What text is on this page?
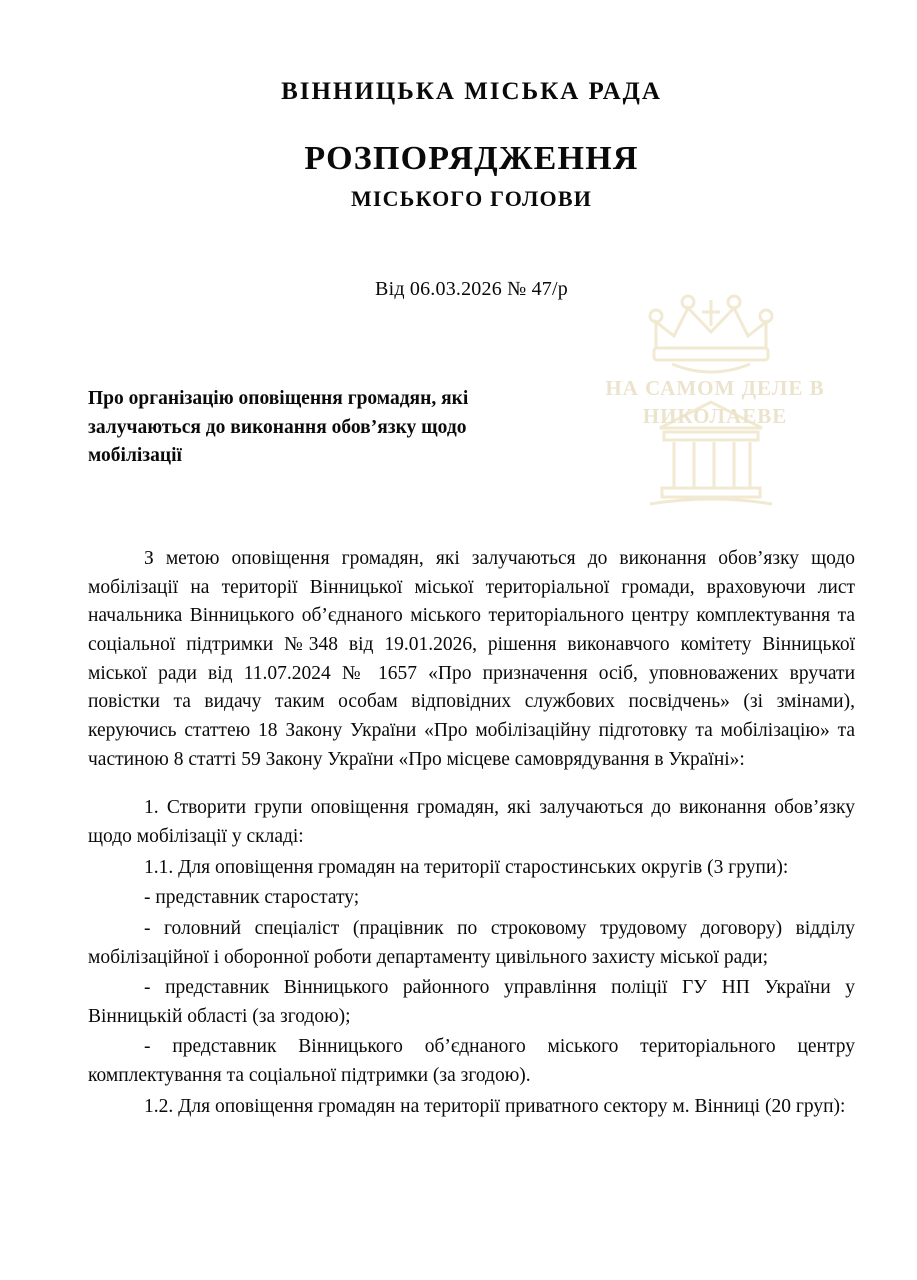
НА САМОМ ДЕЛЕ В
НИКОЛАЕВЕ
ВІННИЦЬКА МІСЬКА РАДА
РОЗПОРЯДЖЕННЯ
МІСЬКОГО ГОЛОВИ
Від 06.03.2026 № 47/р
Про організацію оповіщення громадян, які залучаються до виконання обов’язку щодо мобілізації

З метою оповіщення громадян, які залучаються до виконання обов’язку щодо мобілізації на території Вінницької міської територіальної громади, враховуючи лист начальника Вінницького об’єднаного міського територіального центру комплектування та соціальної підтримки №348 від 19.01.2026, рішення виконавчого комітету Вінницької міської ради від 11.07.2024 № 1657 «Про призначення осіб, уповноважених вручати повістки та видачу таким особам відповідних службових посвідчень» (зі змінами), керуючись статтею 18 Закону України «Про мобілізаційну підготовку та мобілізацію» та частиною 8 статті 59 Закону України «Про місцеве самоврядування в Україні»:

1. Створити групи оповіщення громадян, які залучаються до виконання обов’язку щодо мобілізації у складі:

1.1. Для оповіщення громадян на території старостинських округів (3 групи):

- представник старостату;

- головний спеціаліст (працівник по строковому трудовому договору) відділу мобілізаційної і оборонної роботи департаменту цивільного захисту міської ради;

- представник Вінницького районного управління поліції ГУ НП України у Вінницькій області (за згодою);

- представник Вінницького об’єднаного міського територіального центру комплектування та соціальної підтримки (за згодою).

1.2. Для оповіщення громадян на території приватного сектору м. Вінниці (20 груп):
